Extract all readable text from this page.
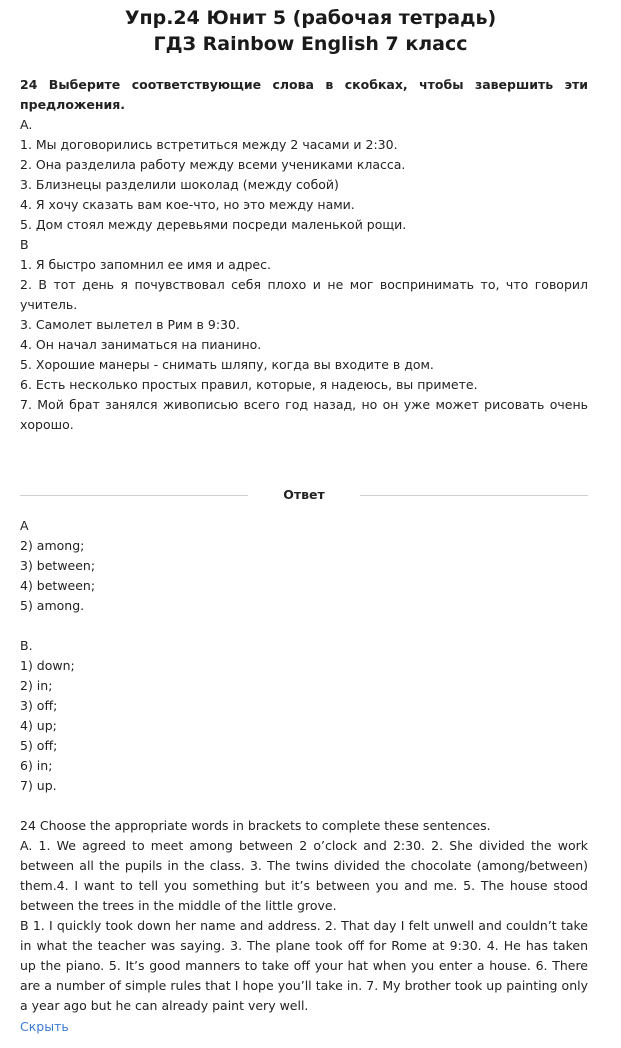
Упр.24 Юнит 5 (рабочая тетрадь)
ГДЗ Rainbow English 7 класс
24 Выберите соответствующие слова в скобках, чтобы завершить эти предложения.
A.
1. Мы договорились встретиться между 2 часами и 2:30.
2. Она разделила работу между всеми учениками класса.
3. Близнецы разделили шоколад (между собой)
4. Я хочу сказать вам кое-что, но это между нами.
5. Дом стоял между деревьями посреди маленькой рощи.
B
1. Я быстро запомнил ее имя и адрес.
2. В тот день я почувствовал себя плохо и не мог воспринимать то, что говорил учитель.
3. Самолет вылетел в Рим в 9:30.
4. Он начал заниматься на пианино.
5. Хорошие манеры - снимать шляпу, когда вы входите в дом.
6. Есть несколько простых правил, которые, я надеюсь, вы примете.
7. Мой брат занялся живописью всего год назад, но он уже может рисовать очень хорошо.
Ответ
A
2) among;
3) between;
4) between;
5) among.
B.
1) down;
2) in;
3) off;
4) up;
5) off;
6) in;
7) up.

24 Choose the appropriate words in brackets to complete these sentences.

A. 1. We agreed to meet among between 2 o’clock and 2:30. 2. She divided the work between all the pupils in the class. 3. The twins divided the chocolate (among/between) them.4. I want to tell you something but it’s between you and me. 5. The house stood between the trees in the middle of the little grove.

B 1. I quickly took down her name and address. 2. That day I felt unwell and couldn’t take in what the teacher was saying. 3. The plane took off for Rome at 9:30. 4. He has taken up the piano. 5. It’s good manners to take off your hat when you enter a house. 6. There are a number of simple rules that I hope you’ll take in. 7. My brother took up painting only a year ago but he can already paint very well.

Скрыть
